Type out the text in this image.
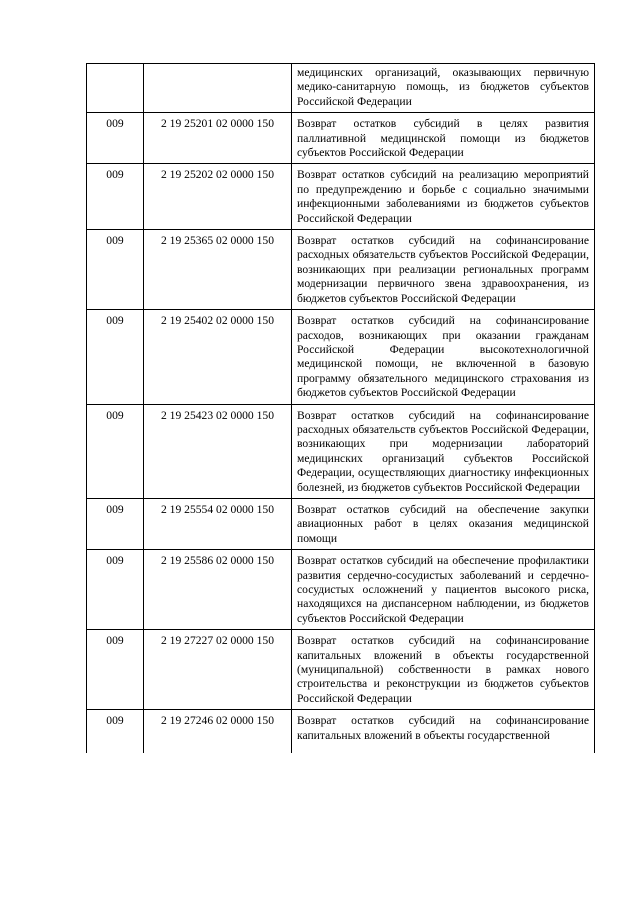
		медицинских организаций, оказывающих первичную медико-санитарную помощь, из бюджетов субъектов Российской Федерации
009	2 19 25201 02 0000 150	Возврат остатков субсидий в целях развития паллиативной медицинской помощи из бюджетов субъектов Российской Федерации
009	2 19 25202 02 0000 150	Возврат остатков субсидий на реализацию мероприятий по предупреждению и борьбе с социально значимыми инфекционными заболеваниями из бюджетов субъектов Российской Федерации
009	2 19 25365 02 0000 150	Возврат остатков субсидий на софинансирование расходных обязательств субъектов Российской Федерации, возникающих при реализации региональных программ модернизации первичного звена здравоохранения, из бюджетов субъектов Российской Федерации
009	2 19 25402 02 0000 150	Возврат остатков субсидий на софинансирование расходов, возникающих при оказании гражданам Российской Федерации высокотехнологичной медицинской помощи, не включенной в базовую программу обязательного медицинского страхования из бюджетов субъектов Российской Федерации
009	2 19 25423 02 0000 150	Возврат остатков субсидий на софинансирование расходных обязательств субъектов Российской Федерации, возникающих при модернизации лабораторий медицинских организаций субъектов Российской Федерации, осуществляющих диагностику инфекционных болезней, из бюджетов субъектов Российской Федерации
009	2 19 25554 02 0000 150	Возврат остатков субсидий на обеспечение закупки авиационных работ в целях оказания медицинской помощи
009	2 19 25586 02 0000 150	Возврат остатков субсидий на обеспечение профилактики развития сердечно-сосудистых заболеваний и сердечно-сосудистых осложнений у пациентов высокого риска, находящихся на диспансерном наблюдении, из бюджетов субъектов Российской Федерации
009	2 19 27227 02 0000 150	Возврат остатков субсидий на софинансирование капитальных вложений в объекты государственной (муниципальной) собственности в рамках нового строительства и реконструкции из бюджетов субъектов Российской Федерации
009	2 19 27246 02 0000 150	Возврат остатков субсидий на софинансирование капитальных вложений в объекты государственной
